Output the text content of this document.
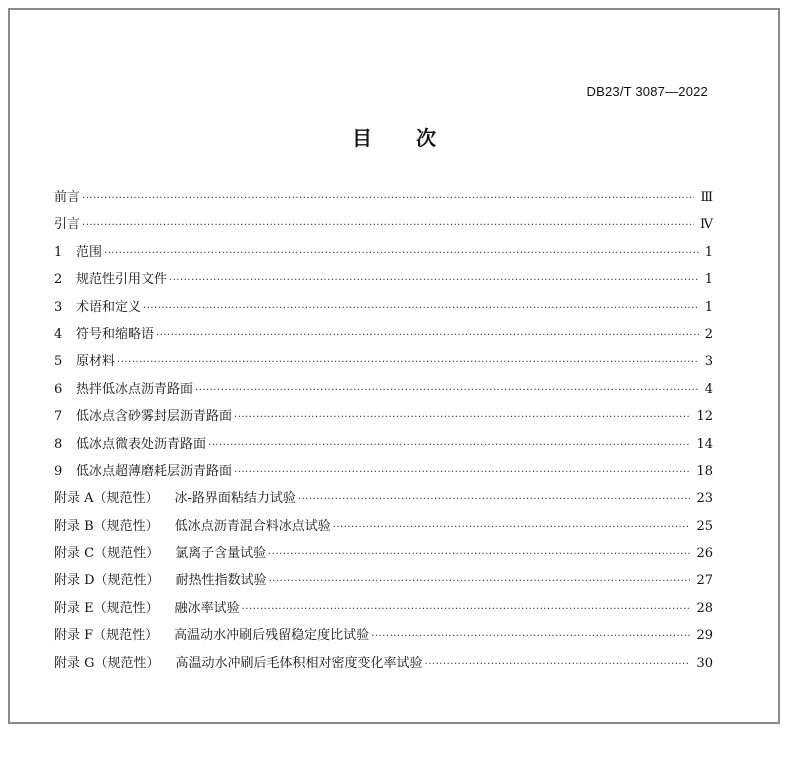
DB23/T 3087—2022
目 次
前言 ·····	Ⅲ
引言 ·····	Ⅳ
1	范围 ·····	1
2	规范性引用文件 ·····	1
3	术语和定义 ·····	1
4	符号和缩略语 ·····	2
5	原材料 ·····	3
6	热拌低冰点沥青路面 ·····	4
7	低冰点含砂雾封层沥青路面 ·····	12
8	低冰点微表处沥青路面 ·····	14
9	低冰点超薄磨耗层沥青路面 ·····	18
附录 A（规范性） 冰-路界面粘结力试验 ·····	23
附录 B（规范性） 低冰点沥青混合料冰点试验 ·····	25
附录 C（规范性） 氯离子含量试验 ·····	26
附录 D（规范性） 耐热性指数试验 ·····	27
附录 E（规范性） 融冰率试验 ·····	28
附录 F（规范性） 高温动水冲刷后残留稳定度比试验 ·····	29
附录 G（规范性） 高温动水冲刷后毛体积相对密度变化率试验 ·····	30
